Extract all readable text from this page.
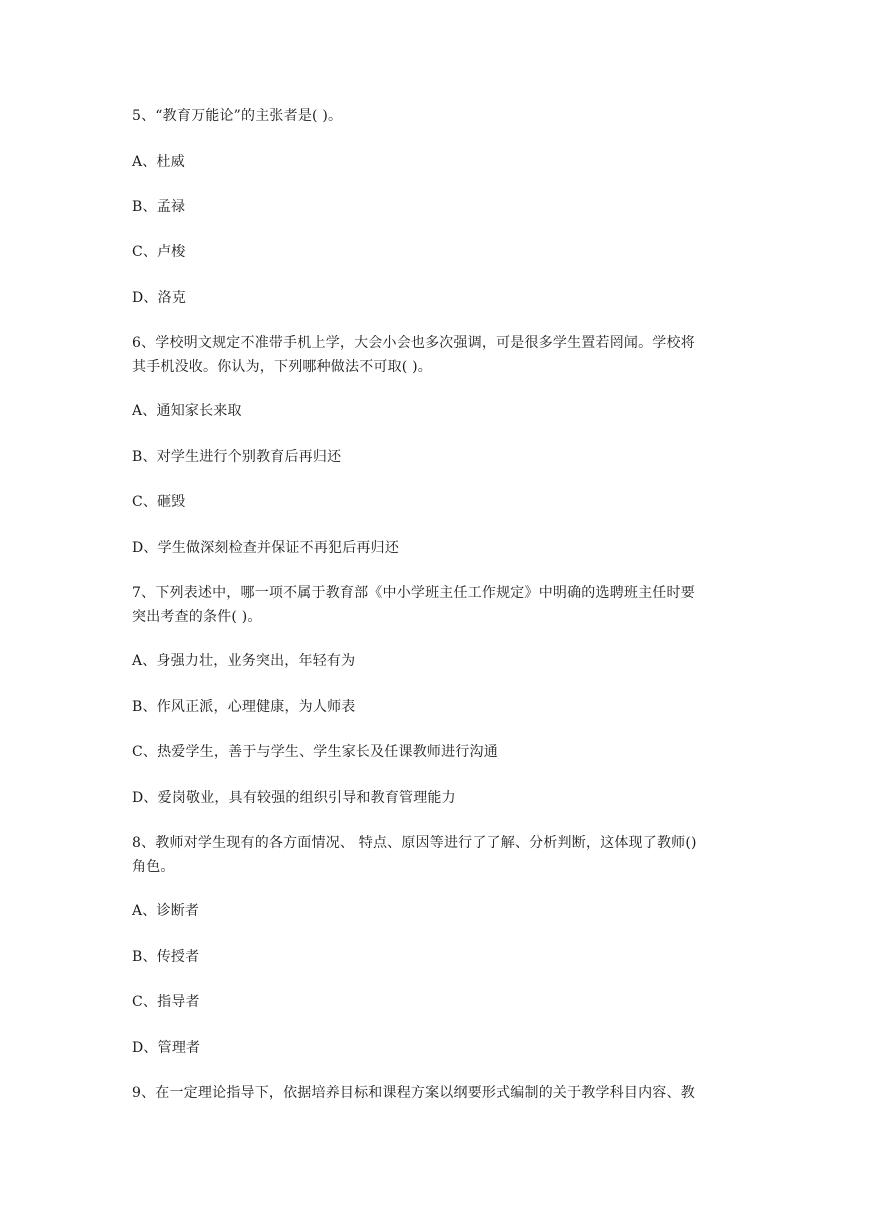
5、“教育万能论”的主张者是( )。
A、杜威
B、孟禄
C、卢梭
D、洛克
6、学校明文规定不准带手机上学，大会小会也多次强调，可是很多学生置若罔闻。学校将
其手机没收。你认为，下列哪种做法不可取( )。
A、通知家长来取
B、对学生进行个别教育后再归还
C、砸毁
D、学生做深刻检查并保证不再犯后再归还
7、下列表述中，哪一项不属于教育部《中小学班主任工作规定》中明确的选聘班主任时要
突出考查的条件( )。
A、身强力壮，业务突出，年轻有为
B、作风正派，心理健康，为人师表
C、热爱学生，善于与学生、学生家长及任课教师进行沟通
D、爱岗敬业，具有较强的组织引导和教育管理能力
8、教师对学生现有的各方面情况、 特点、原因等进行了了解、分析判断，这体现了教师()
角色。
A、诊断者
B、传授者
C、指导者
D、管理者
9、在一定理论指导下，依据培养目标和课程方案以纲要形式编制的关于教学科目内容、教
